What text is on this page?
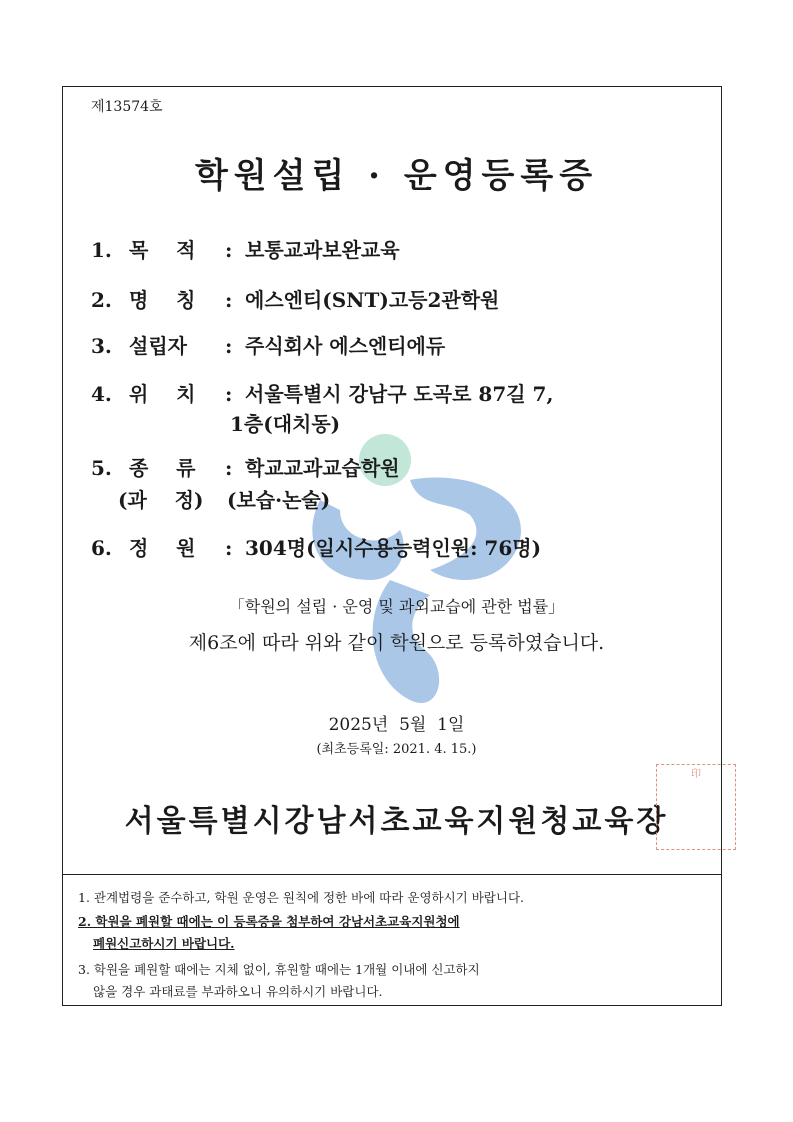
제13574호
학원설립 · 운영등록증
1. 목    적 : 보통교과보완교육
2. 명    칭 : 에스엔티(SNT)고등2관학원
3. 설립자 : 주식회사 에스엔티에듀
4. 위    치 : 서울특별시 강남구 도곡로 87길 7,
1층(대치동)
5. 종    류 : 학교교과교습학원
(과    정) (보습·논술)
6. 정    원 : 304명(일시수용능력인원: 76명)
「학원의 설립 · 운영 및 과외교습에 관한 법률」
제6조에 따라 위와 같이 학원으로 등록하였습니다.
2025년  5월  1일
(최초등록일: 2021. 4. 15.)
서울특별시강남서초교육지원청교육장
印
1. 관계법령을 준수하고, 학원 운영은 원칙에 정한 바에 따라 운영하시기 바랍니다.
2. 학원을 폐원할 때에는 이 등록증을 첨부하여 강남서초교육지원청에
폐원신고하시기 바랍니다.
3. 학원을 폐원할 때에는 지체 없이, 휴원할 때에는 1개월 이내에 신고하지
않을 경우 과태료를 부과하오니 유의하시기 바랍니다.
